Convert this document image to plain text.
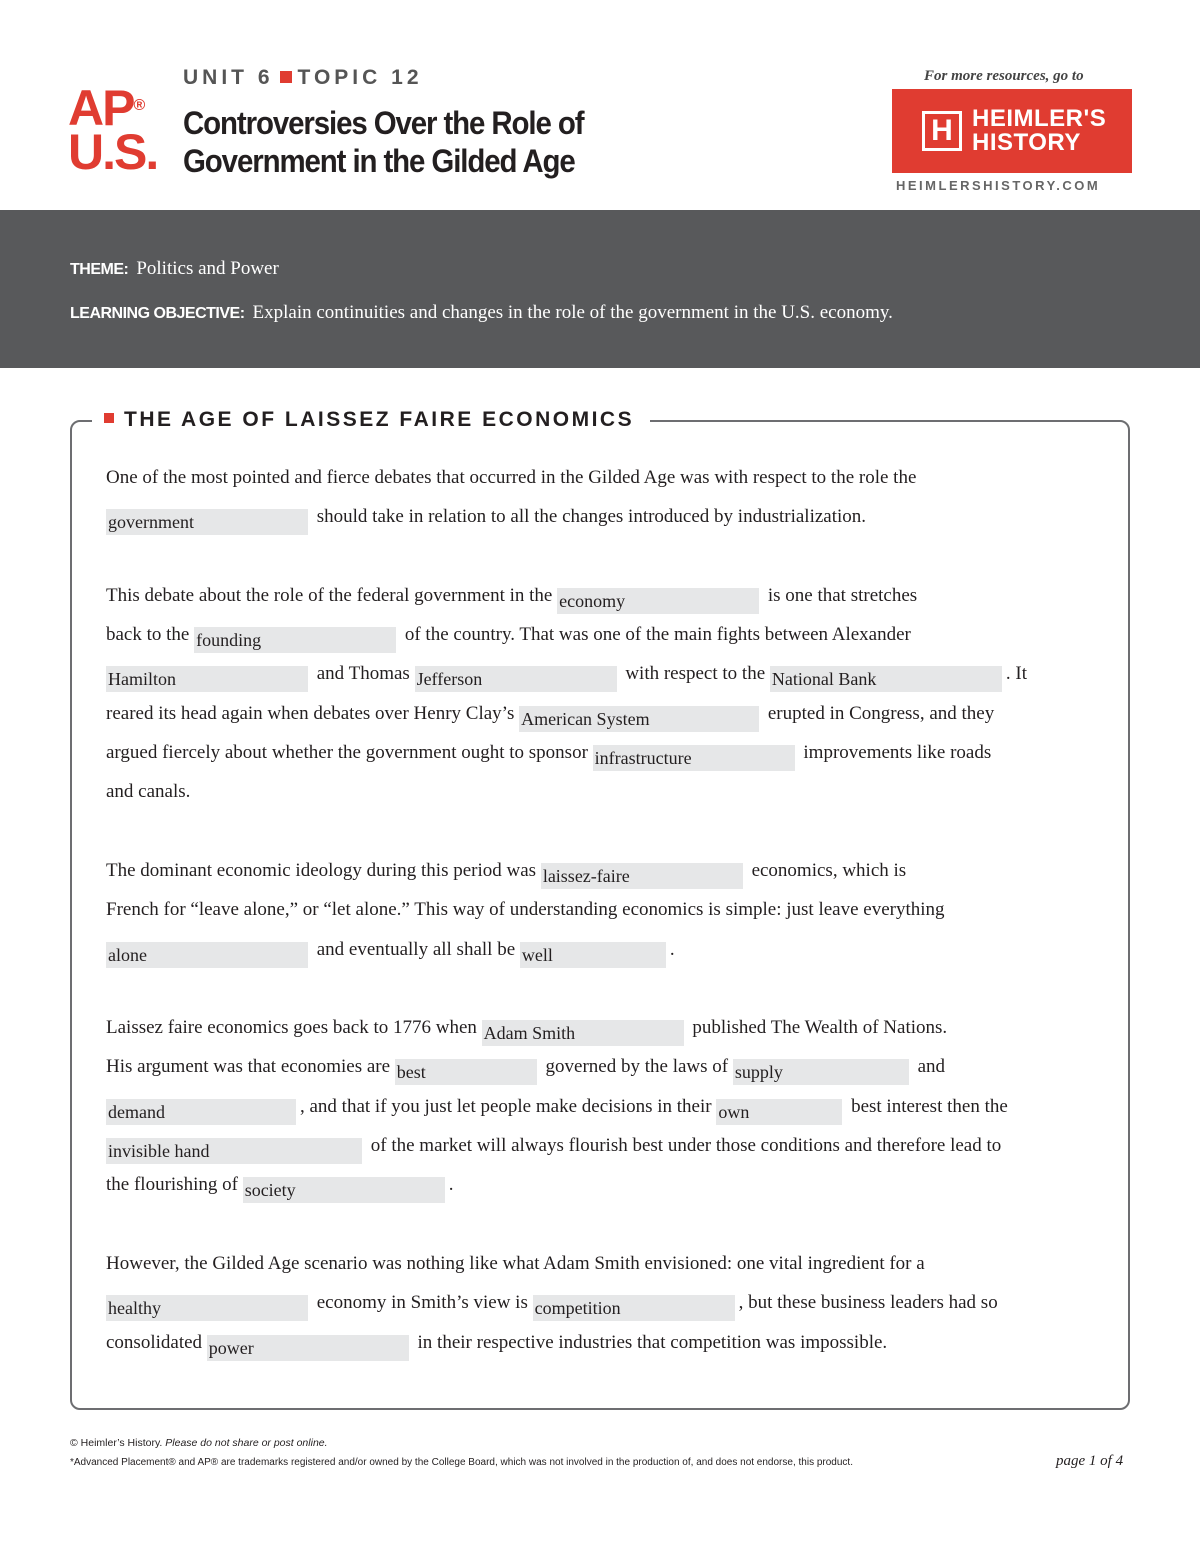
AP®
U.S.
UNIT 6 TOPIC 12
Controversies Over the Role of
Government in the Gilded Age
For more resources, go to
H HEIMLER'S
HISTORY
HEIMLERSHISTORY.COM
THEME: Politics and Power
LEARNING OBJECTIVE: Explain continuities and changes in the role of the government in the U.S. economy.
THE AGE OF LAISSEZ FAIRE ECONOMICS

One of the most pointed and fierce debates that occurred in the Gilded Age was with respect to the role the

government	should take in relation to all the changes introduced by industrialization.

This debate about the role of the federal government in the economy	is one that stretches

back to the founding	of the country. That was one of the main fights between Alexander

Hamilton	and Thomas Jefferson	with respect to the National Bank	. It

reared its head again when debates over Henry Clay’s American System	erupted in Congress, and they

argued fiercely about whether the government ought to sponsor infrastructure	improvements like roads

and canals.

The dominant economic ideology during this period was laissez-faire	economics, which is

French for “leave alone,” or “let alone.” This way of understanding economics is simple: just leave everything

alone	and eventually all shall be well	.

Laissez faire economics goes back to 1776 when Adam Smith	published The Wealth of Nations.

His argument was that economies are best	governed by the laws of supply	and

demand	, and that if you just let people make decisions in their own	best interest then the

invisible hand	of the market will always flourish best under those conditions and therefore lead to

the flourishing of society	.

However, the Gilded Age scenario was nothing like what Adam Smith envisioned: one vital ingredient for a

healthy	economy in Smith’s view is competition	, but these business leaders had so

consolidated power	in their respective industries that competition was impossible.

© Heimler’s History. Please do not share or post online.
*Advanced Placement® and AP® are trademarks registered and/or owned by the College Board, which was not involved in the production of, and does not endorse, this product.	page 1 of 4
